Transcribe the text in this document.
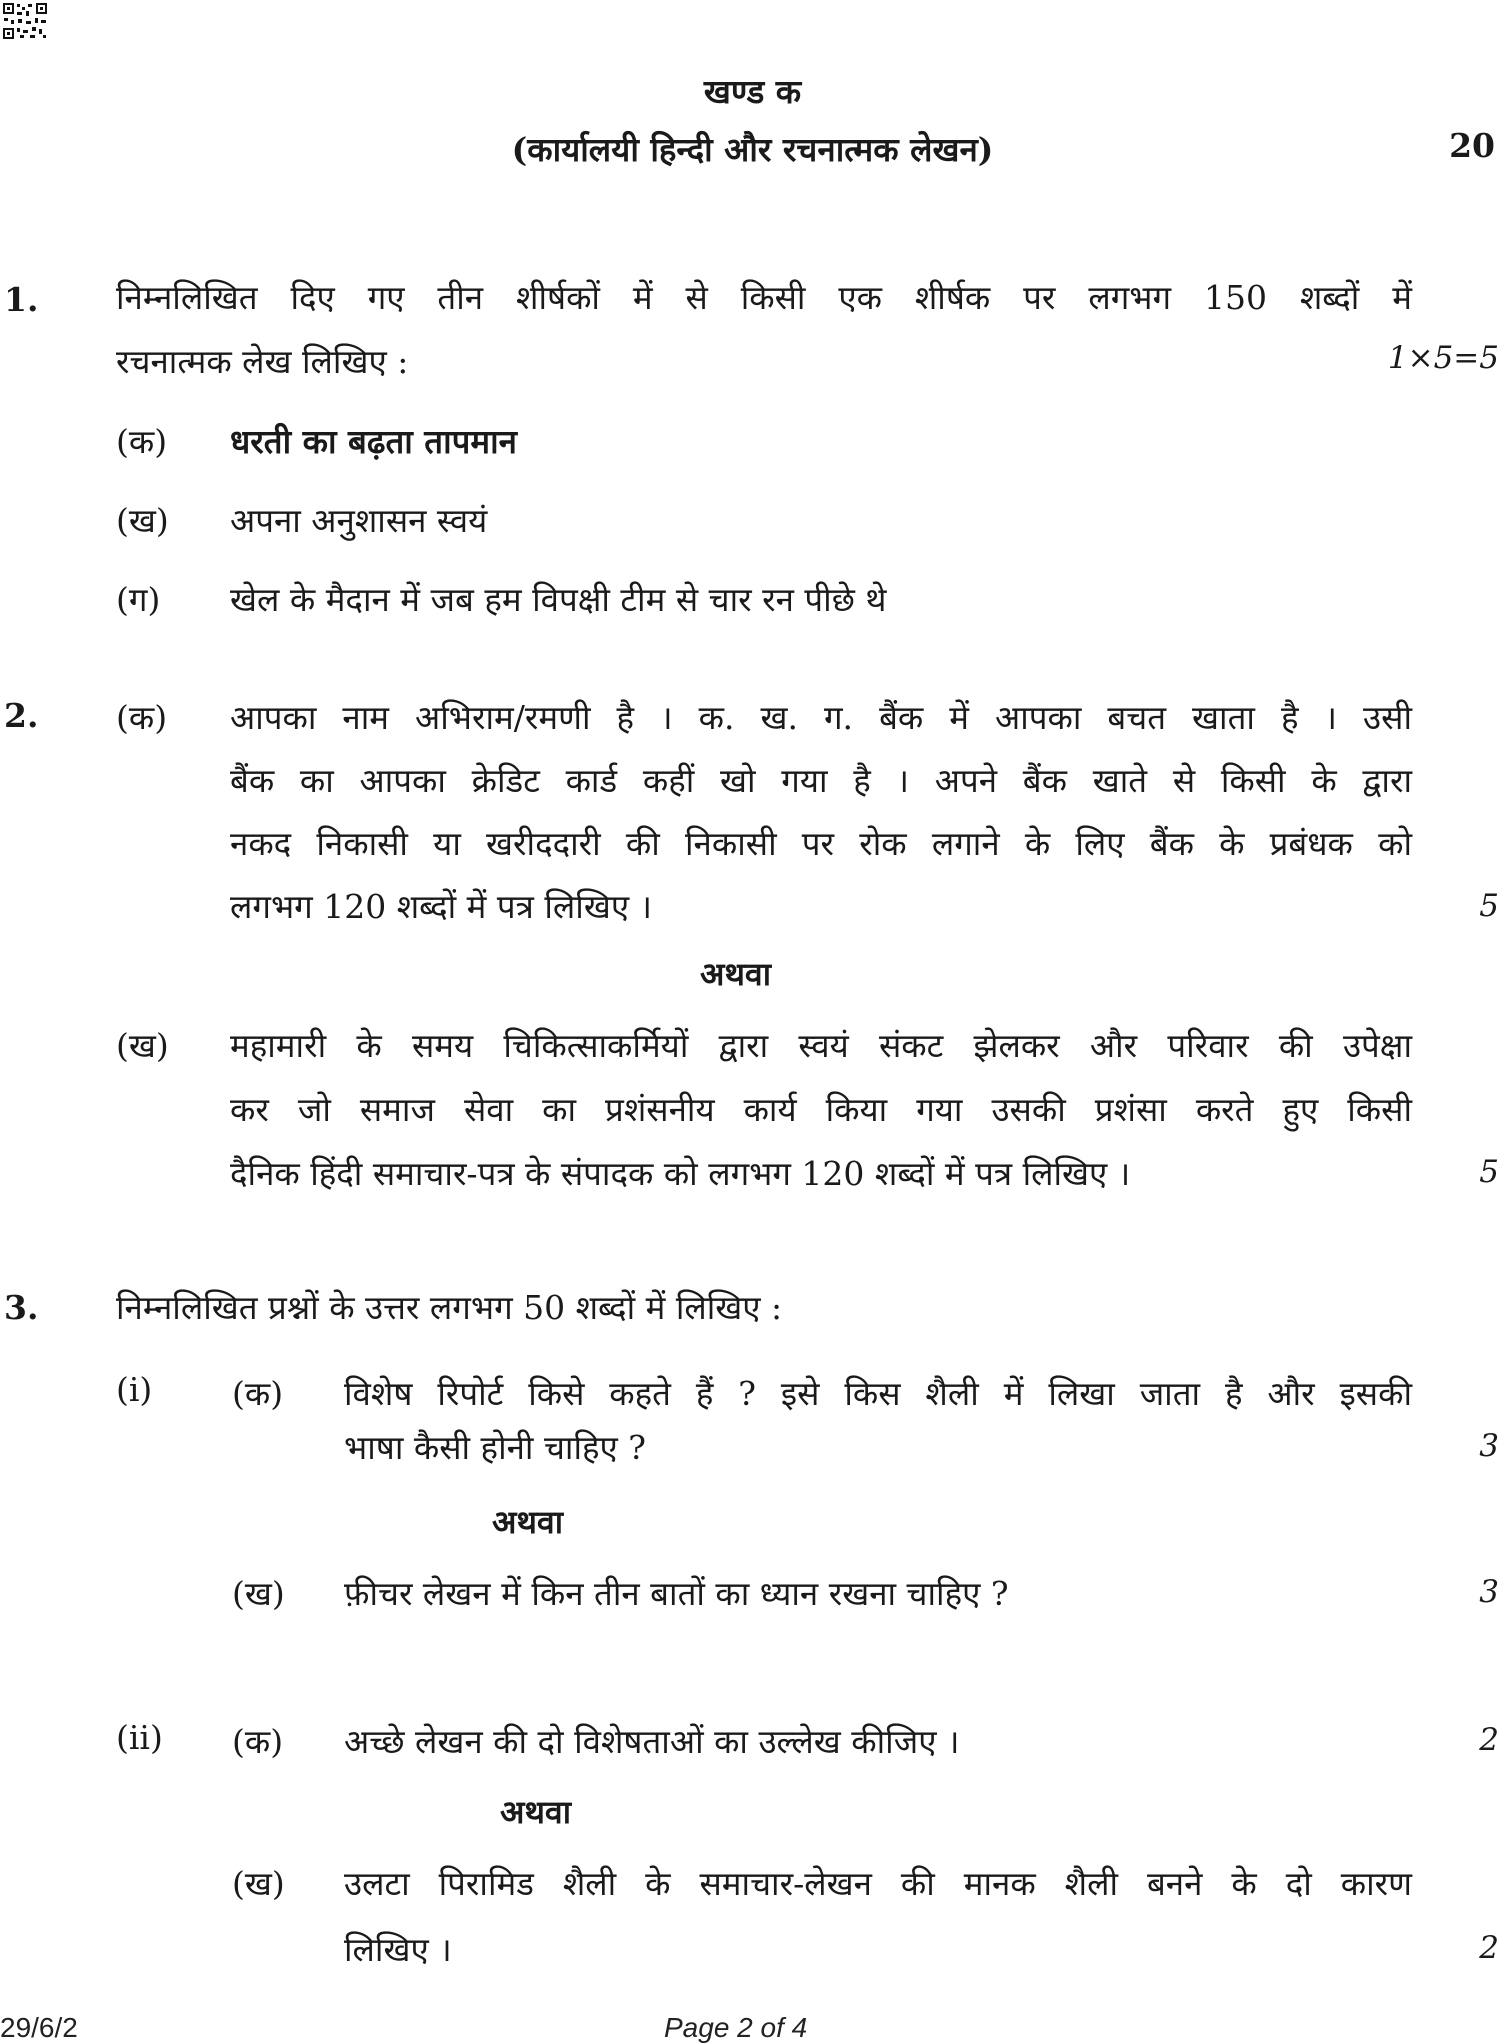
खण्ड क
(कार्यालयी हिन्दी और रचनात्मक लेखन)	20
1. निम्नलिखित दिए गए तीन शीर्षकों में से किसी एक शीर्षक पर लगभग 150 शब्दों में
रचनात्मक लेख लिखिए :	1×5=5
(क) धरती का बढ़ता तापमान
(ख) अपना अनुशासन स्वयं
(ग) खेल के मैदान में जब हम विपक्षी टीम से चार रन पीछे थे
2. (क) आपका नाम अभिराम/रमणी है । क. ख. ग. बैंक में आपका बचत खाता है । उसी
बैंक का आपका क्रेडिट कार्ड कहीं खो गया है । अपने बैंक खाते से किसी के द्वारा
नकद निकासी या खरीददारी की निकासी पर रोक लगाने के लिए बैंक के प्रबंधक को
लगभग 120 शब्दों में पत्र लिखिए ।	5
अथवा
(ख) महामारी के समय चिकित्साकर्मियों द्वारा स्वयं संकट झेलकर और परिवार की उपेक्षा
कर जो समाज सेवा का प्रशंसनीय कार्य किया गया उसकी प्रशंसा करते हुए किसी
दैनिक हिंदी समाचार-पत्र के संपादक को लगभग 120 शब्दों में पत्र लिखिए ।	5
3. निम्नलिखित प्रश्नों के उत्तर लगभग 50 शब्दों में लिखिए :
(i) (क) विशेष रिपोर्ट किसे कहते हैं ? इसे किस शैली में लिखा जाता है और इसकी
भाषा कैसी होनी चाहिए ?	3
अथवा
(ख) फ़ीचर लेखन में किन तीन बातों का ध्यान रखना चाहिए ?	3
(ii) (क) अच्छे लेखन की दो विशेषताओं का उल्लेख कीजिए ।	2
अथवा
(ख) उलटा पिरामिड शैली के समाचार-लेखन की मानक शैली बनने के दो कारण
लिखिए ।	2
29/6/2	Page 2 of 4
